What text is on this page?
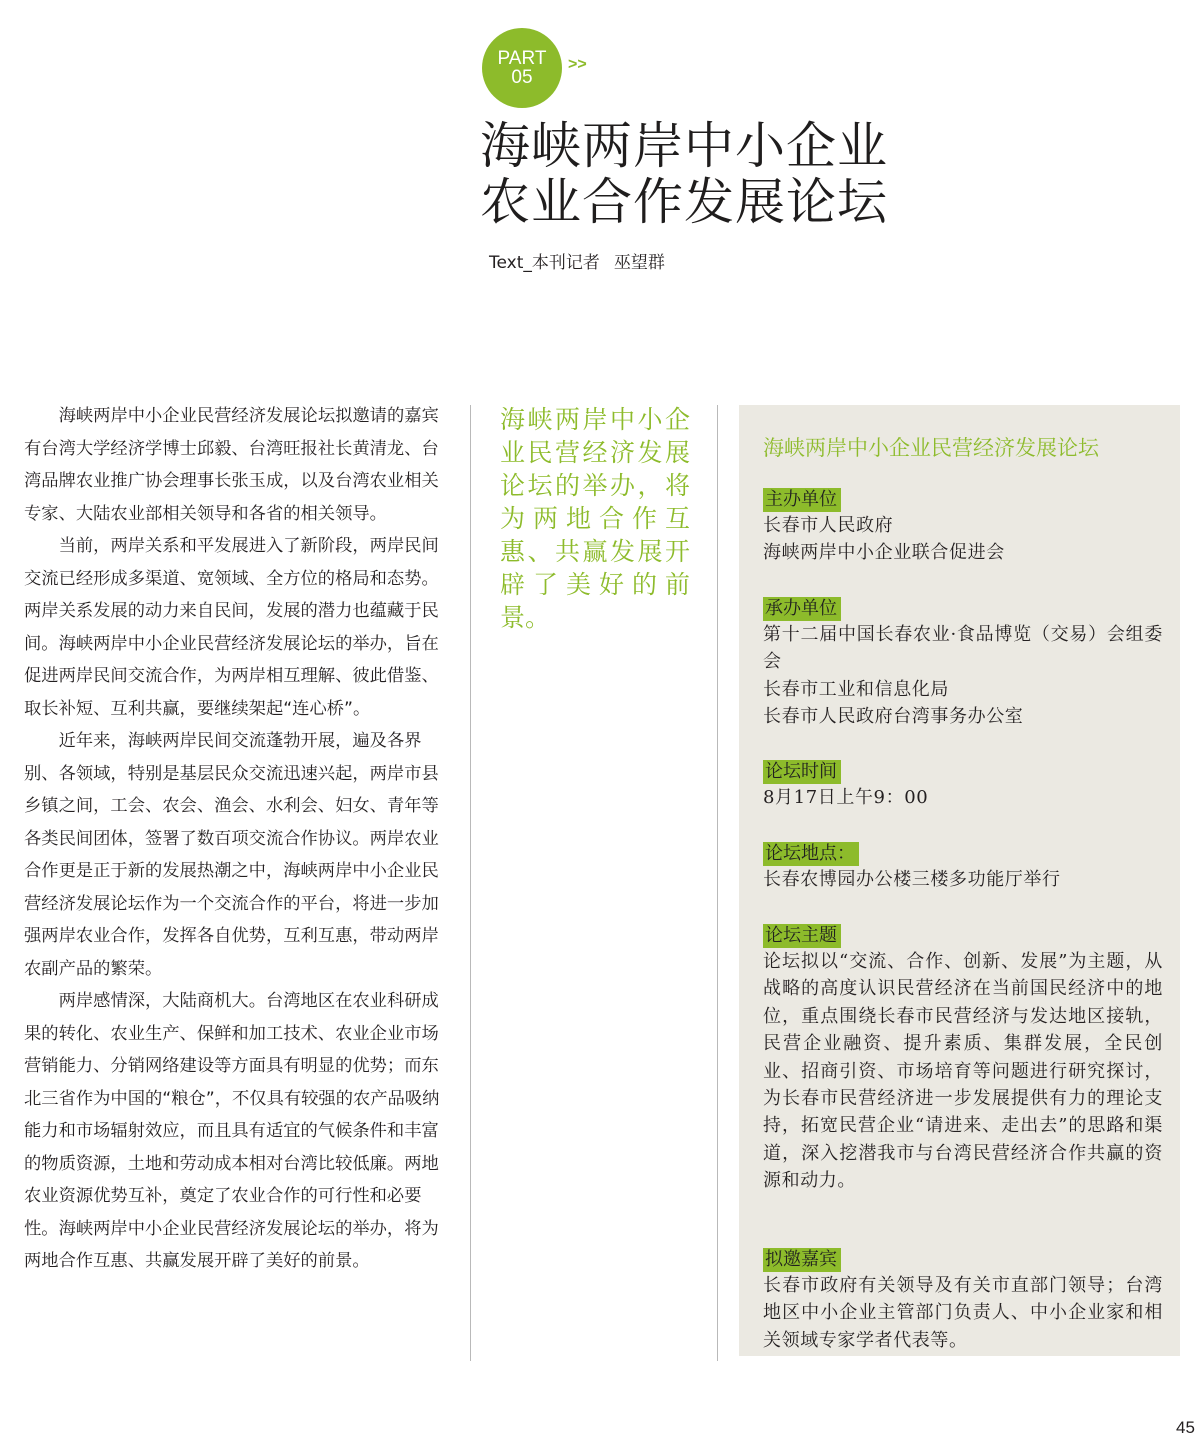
PART
05
>>
海峡两岸中小企业
农业合作发展论坛
Text_本刊记者 巫望群

海峡两岸中小企业民营经济发展论坛拟邀请的嘉宾有台湾大学经济学博士邱毅、台湾旺报社长黄清龙、台湾品牌农业推广协会理事长张玉成，以及台湾农业相关专家、大陆农业部相关领导和各省的相关领导。

当前，两岸关系和平发展进入了新阶段，两岸民间交流已经形成多渠道、宽领域、全方位的格局和态势。两岸关系发展的动力来自民间，发展的潜力也蕴藏于民间。海峡两岸中小企业民营经济发展论坛的举办，旨在促进两岸民间交流合作，为两岸相互理解、彼此借鉴、取长补短、互利共赢，要继续架起“连心桥”。

近年来，海峡两岸民间交流蓬勃开展，遍及各界别、各领域，特别是基层民众交流迅速兴起，两岸市县乡镇之间，工会、农会、渔会、水利会、妇女、青年等各类民间团体，签署了数百项交流合作协议。两岸农业合作更是正于新的发展热潮之中，海峡两岸中小企业民营经济发展论坛作为一个交流合作的平台，将进一步加强两岸农业合作，发挥各自优势，互利互惠，带动两岸农副产品的繁荣。

两岸感情深，大陆商机大。台湾地区在农业科研成果的转化、农业生产、保鲜和加工技术、农业企业市场营销能力、分销网络建设等方面具有明显的优势；而东北三省作为中国的“粮仓”，不仅具有较强的农产品吸纳能力和市场辐射效应，而且具有适宜的气候条件和丰富的物质资源，土地和劳动成本相对台湾比较低廉。两地农业资源优势互补，奠定了农业合作的可行性和必要性。海峡两岸中小企业民营经济发展论坛的举办，将为两地合作互惠、共赢发展开辟了美好的前景。

海峡两岸中小企业民营经济发展论坛的举办，将为两地合作互惠、共赢发展开辟了美好的前景。
海峡两岸中小企业民营经济发展论坛
主办单位
长春市人民政府
海峡两岸中小企业联合促进会
承办单位
第十二届中国长春农业·食品博览（交易）会组委会
长春市工业和信息化局
长春市人民政府台湾事务办公室
论坛时间
8月17日上午9：00
论坛地点：
长春农博园办公楼三楼多功能厅举行
论坛主题
论坛拟以“交流、合作、创新、发展”为主题，从战略的高度认识民营经济在当前国民经济中的地位，重点围绕长春市民营经济与发达地区接轨，民营企业融资、提升素质、集群发展，全民创业、招商引资、市场培育等问题进行研究探讨，为长春市民营经济进一步发展提供有力的理论支持，拓宽民营企业“请进来、走出去”的思路和渠道，深入挖潜我市与台湾民营经济合作共赢的资源和动力。
拟邀嘉宾
长春市政府有关领导及有关市直部门领导；台湾地区中小企业主管部门负责人、中小企业家和相关领域专家学者代表等。
45
